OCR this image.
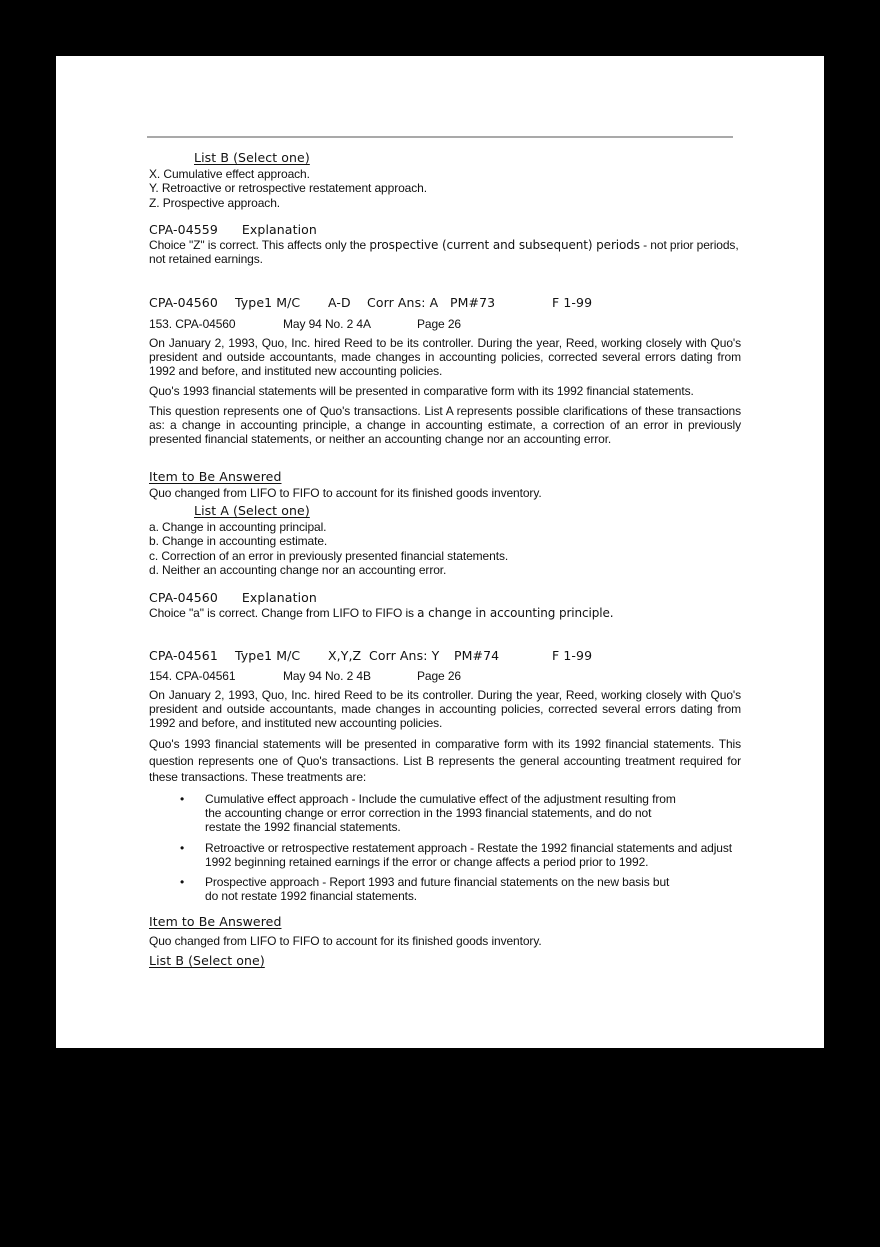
List B (Select one)
X. Cumulative effect approach.
Y. Retroactive or retrospective restatement approach.
Z. Prospective approach.
CPA-04559 Explanation
Choice "Z" is correct. This affects only the prospective (current and subsequent) periods - not prior periods, not retained earnings.
CPA-04560 Type1 M/C A-D Corr Ans: A PM#73	F 1-99
153. CPA-04560	May 94 No. 2 4A	Page 26
On January 2, 1993, Quo, Inc. hired Reed to be its controller. During the year, Reed, working closely with Quo's president and outside accountants, made changes in accounting policies, corrected several errors dating from 1992 and before, and instituted new accounting policies.
Quo's 1993 financial statements will be presented in comparative form with its 1992 financial statements.
This question represents one of Quo's transactions. List A represents possible clarifications of these transactions as: a change in accounting principle, a change in accounting estimate, a correction of an error in previously presented financial statements, or neither an accounting change nor an accounting error.
Item to Be Answered
Quo changed from LIFO to FIFO to account for its finished goods inventory.
List A (Select one)
a. Change in accounting principal.
b. Change in accounting estimate.
c. Correction of an error in previously presented financial statements.
d. Neither an accounting change nor an accounting error.
CPA-04560 Explanation
Choice "a" is correct. Change from LIFO to FIFO is a change in accounting principle.
CPA-04561 Type1 M/C X,Y,Z Corr Ans: Y PM#74	F 1-99
154. CPA-04561	May 94 No. 2 4B	Page 26
On January 2, 1993, Quo, Inc. hired Reed to be its controller. During the year, Reed, working closely with Quo's president and outside accountants, made changes in accounting policies, corrected several errors dating from 1992 and before, and instituted new accounting policies.
Quo's 1993 financial statements will be presented in comparative form with its 1992 financial statements. This question represents one of Quo's transactions. List B represents the general accounting treatment required for these transactions. These treatments are:
• Cumulative effect approach - Include the cumulative effect of the adjustment resulting from the accounting change or error correction in the 1993 financial statements, and do not restate the 1992 financial statements.
• Retroactive or retrospective restatement approach - Restate the 1992 financial statements and adjust 1992 beginning retained earnings if the error or change affects a period prior to 1992.
• Prospective approach - Report 1993 and future financial statements on the new basis but do not restate 1992 financial statements.
Item to Be Answered
Quo changed from LIFO to FIFO to account for its finished goods inventory.
List B (Select one)
